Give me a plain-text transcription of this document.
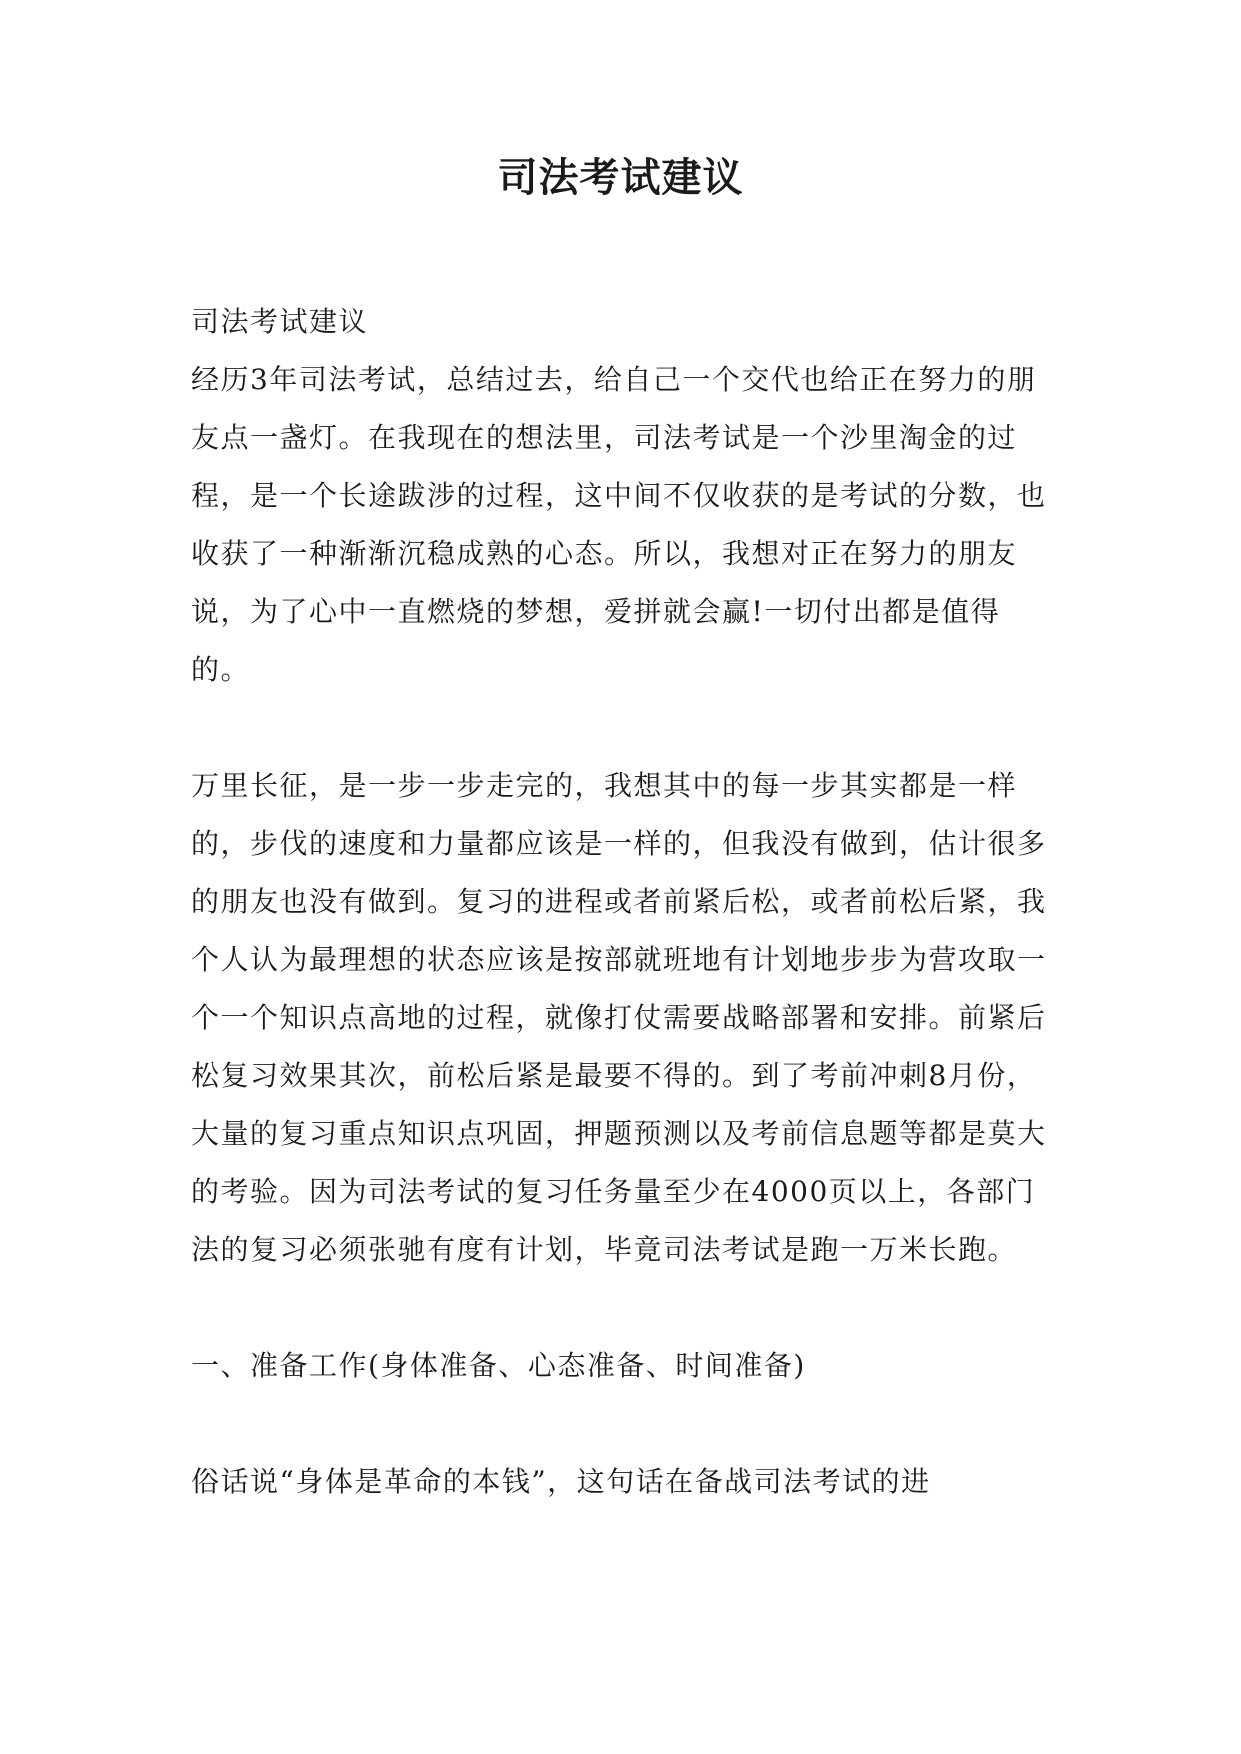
司法考试建议

司法考试建议

经历3年司法考试，总结过去，给自己一个交代也给正在努力的朋友点一盏灯。在我现在的想法里，司法考试是一个沙里淘金的过程，是一个长途跋涉的过程，这中间不仅收获的是考试的分数，也收获了一种渐渐沉稳成熟的心态。所以，我想对正在努力的朋友说，为了心中一直燃烧的梦想，爱拼就会赢!一切付出都是值得的。

万里长征，是一步一步走完的，我想其中的每一步其实都是一样的，步伐的速度和力量都应该是一样的，但我没有做到，估计很多的朋友也没有做到。复习的进程或者前紧后松，或者前松后紧，我个人认为最理想的状态应该是按部就班地有计划地步步为营攻取一个一个知识点高地的过程，就像打仗需要战略部署和安排。前紧后松复习效果其次，前松后紧是最要不得的。到了考前冲刺8月份，大量的复习重点知识点巩固，押题预测以及考前信息题等都是莫大的考验。因为司法考试的复习任务量至少在4000页以上，各部门法的复习必须张驰有度有计划，毕竟司法考试是跑一万米长跑。

一、准备工作(身体准备、心态准备、时间准备)

俗话说“身体是革命的本钱”，这句话在备战司法考试的进
